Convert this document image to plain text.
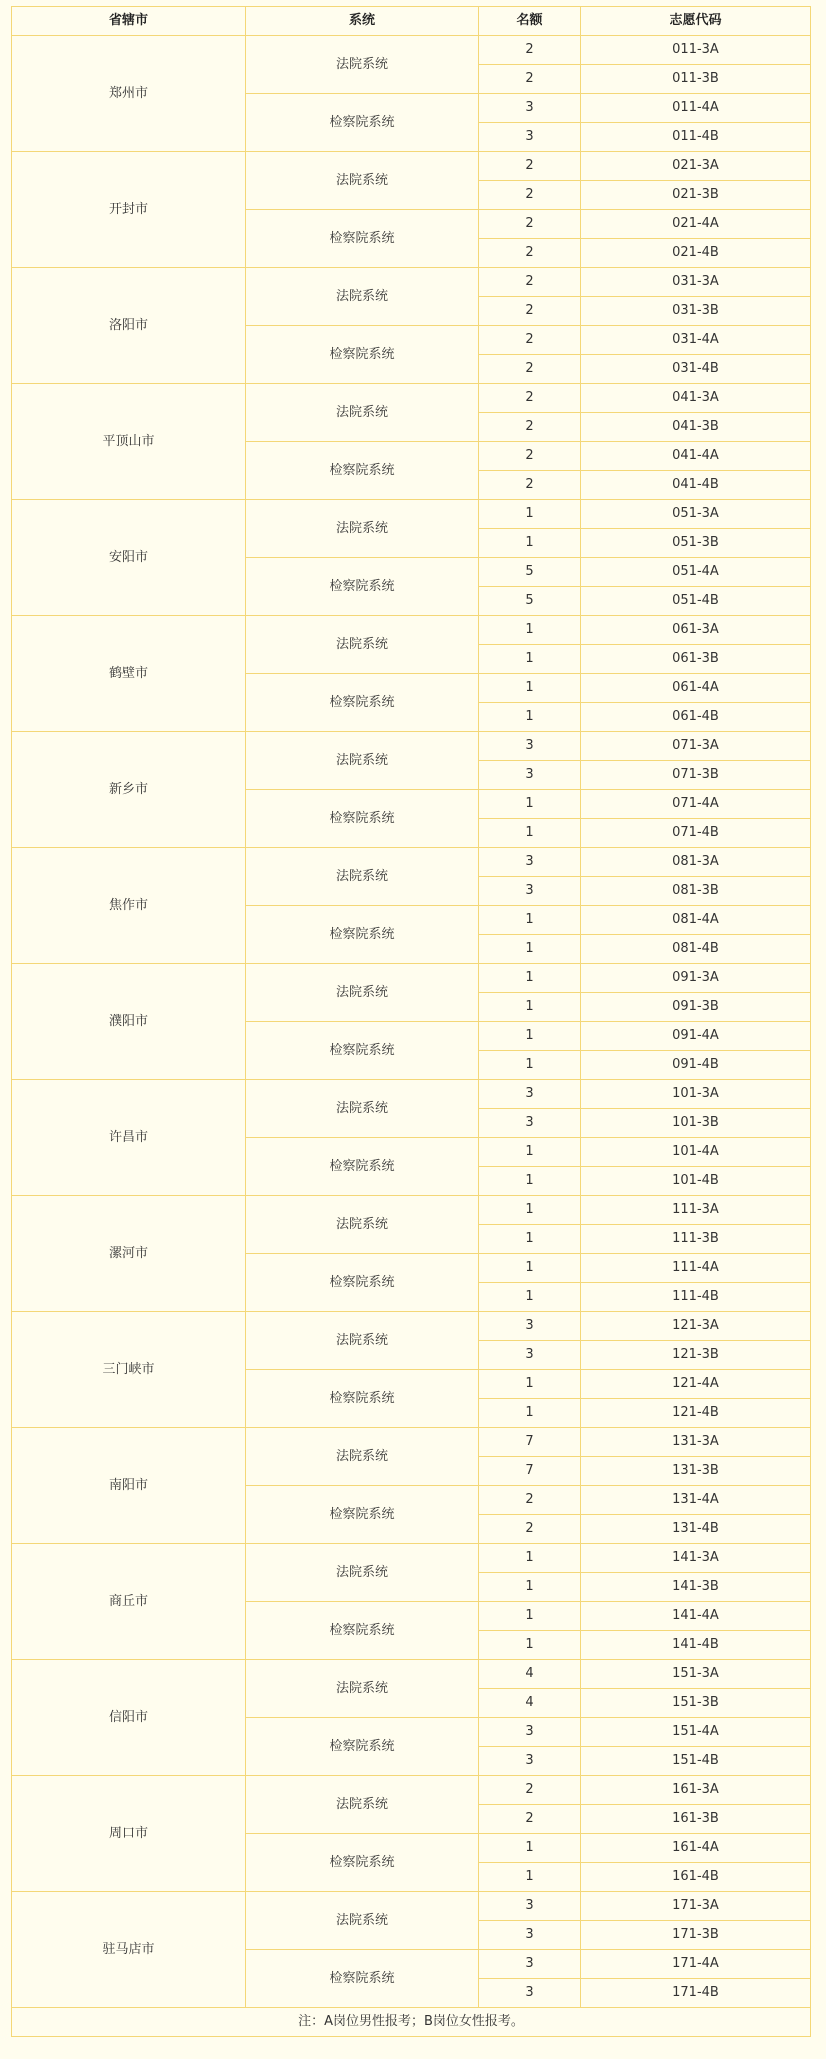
省辖市	系统	名额	志愿代码
郑州市	法院系统	2	011-3A
		2	011-3B
	检察院系统	3	011-4A
		3	011-4B
开封市	法院系统	2	021-3A
		2	021-3B
	检察院系统	2	021-4A
		2	021-4B
洛阳市	法院系统	2	031-3A
		2	031-3B
	检察院系统	2	031-4A
		2	031-4B
平顶山市	法院系统	2	041-3A
		2	041-3B
	检察院系统	2	041-4A
		2	041-4B
安阳市	法院系统	1	051-3A
		1	051-3B
	检察院系统	5	051-4A
		5	051-4B
鹤壁市	法院系统	1	061-3A
		1	061-3B
	检察院系统	1	061-4A
		1	061-4B
新乡市	法院系统	3	071-3A
		3	071-3B
	检察院系统	1	071-4A
		1	071-4B
焦作市	法院系统	3	081-3A
		3	081-3B
	检察院系统	1	081-4A
		1	081-4B
濮阳市	法院系统	1	091-3A
		1	091-3B
	检察院系统	1	091-4A
		1	091-4B
许昌市	法院系统	3	101-3A
		3	101-3B
	检察院系统	1	101-4A
		1	101-4B
漯河市	法院系统	1	111-3A
		1	111-3B
	检察院系统	1	111-4A
		1	111-4B
三门峡市	法院系统	3	121-3A
		3	121-3B
	检察院系统	1	121-4A
		1	121-4B
南阳市	法院系统	7	131-3A
		7	131-3B
	检察院系统	2	131-4A
		2	131-4B
商丘市	法院系统	1	141-3A
		1	141-3B
	检察院系统	1	141-4A
		1	141-4B
信阳市	法院系统	4	151-3A
		4	151-3B
	检察院系统	3	151-4A
		3	151-4B
周口市	法院系统	2	161-3A
		2	161-3B
	检察院系统	1	161-4A
		1	161-4B
驻马店市	法院系统	3	171-3A
		3	171-3B
	检察院系统	3	171-4A
		3	171-4B
注：A岗位男性报考；B岗位女性报考。			
